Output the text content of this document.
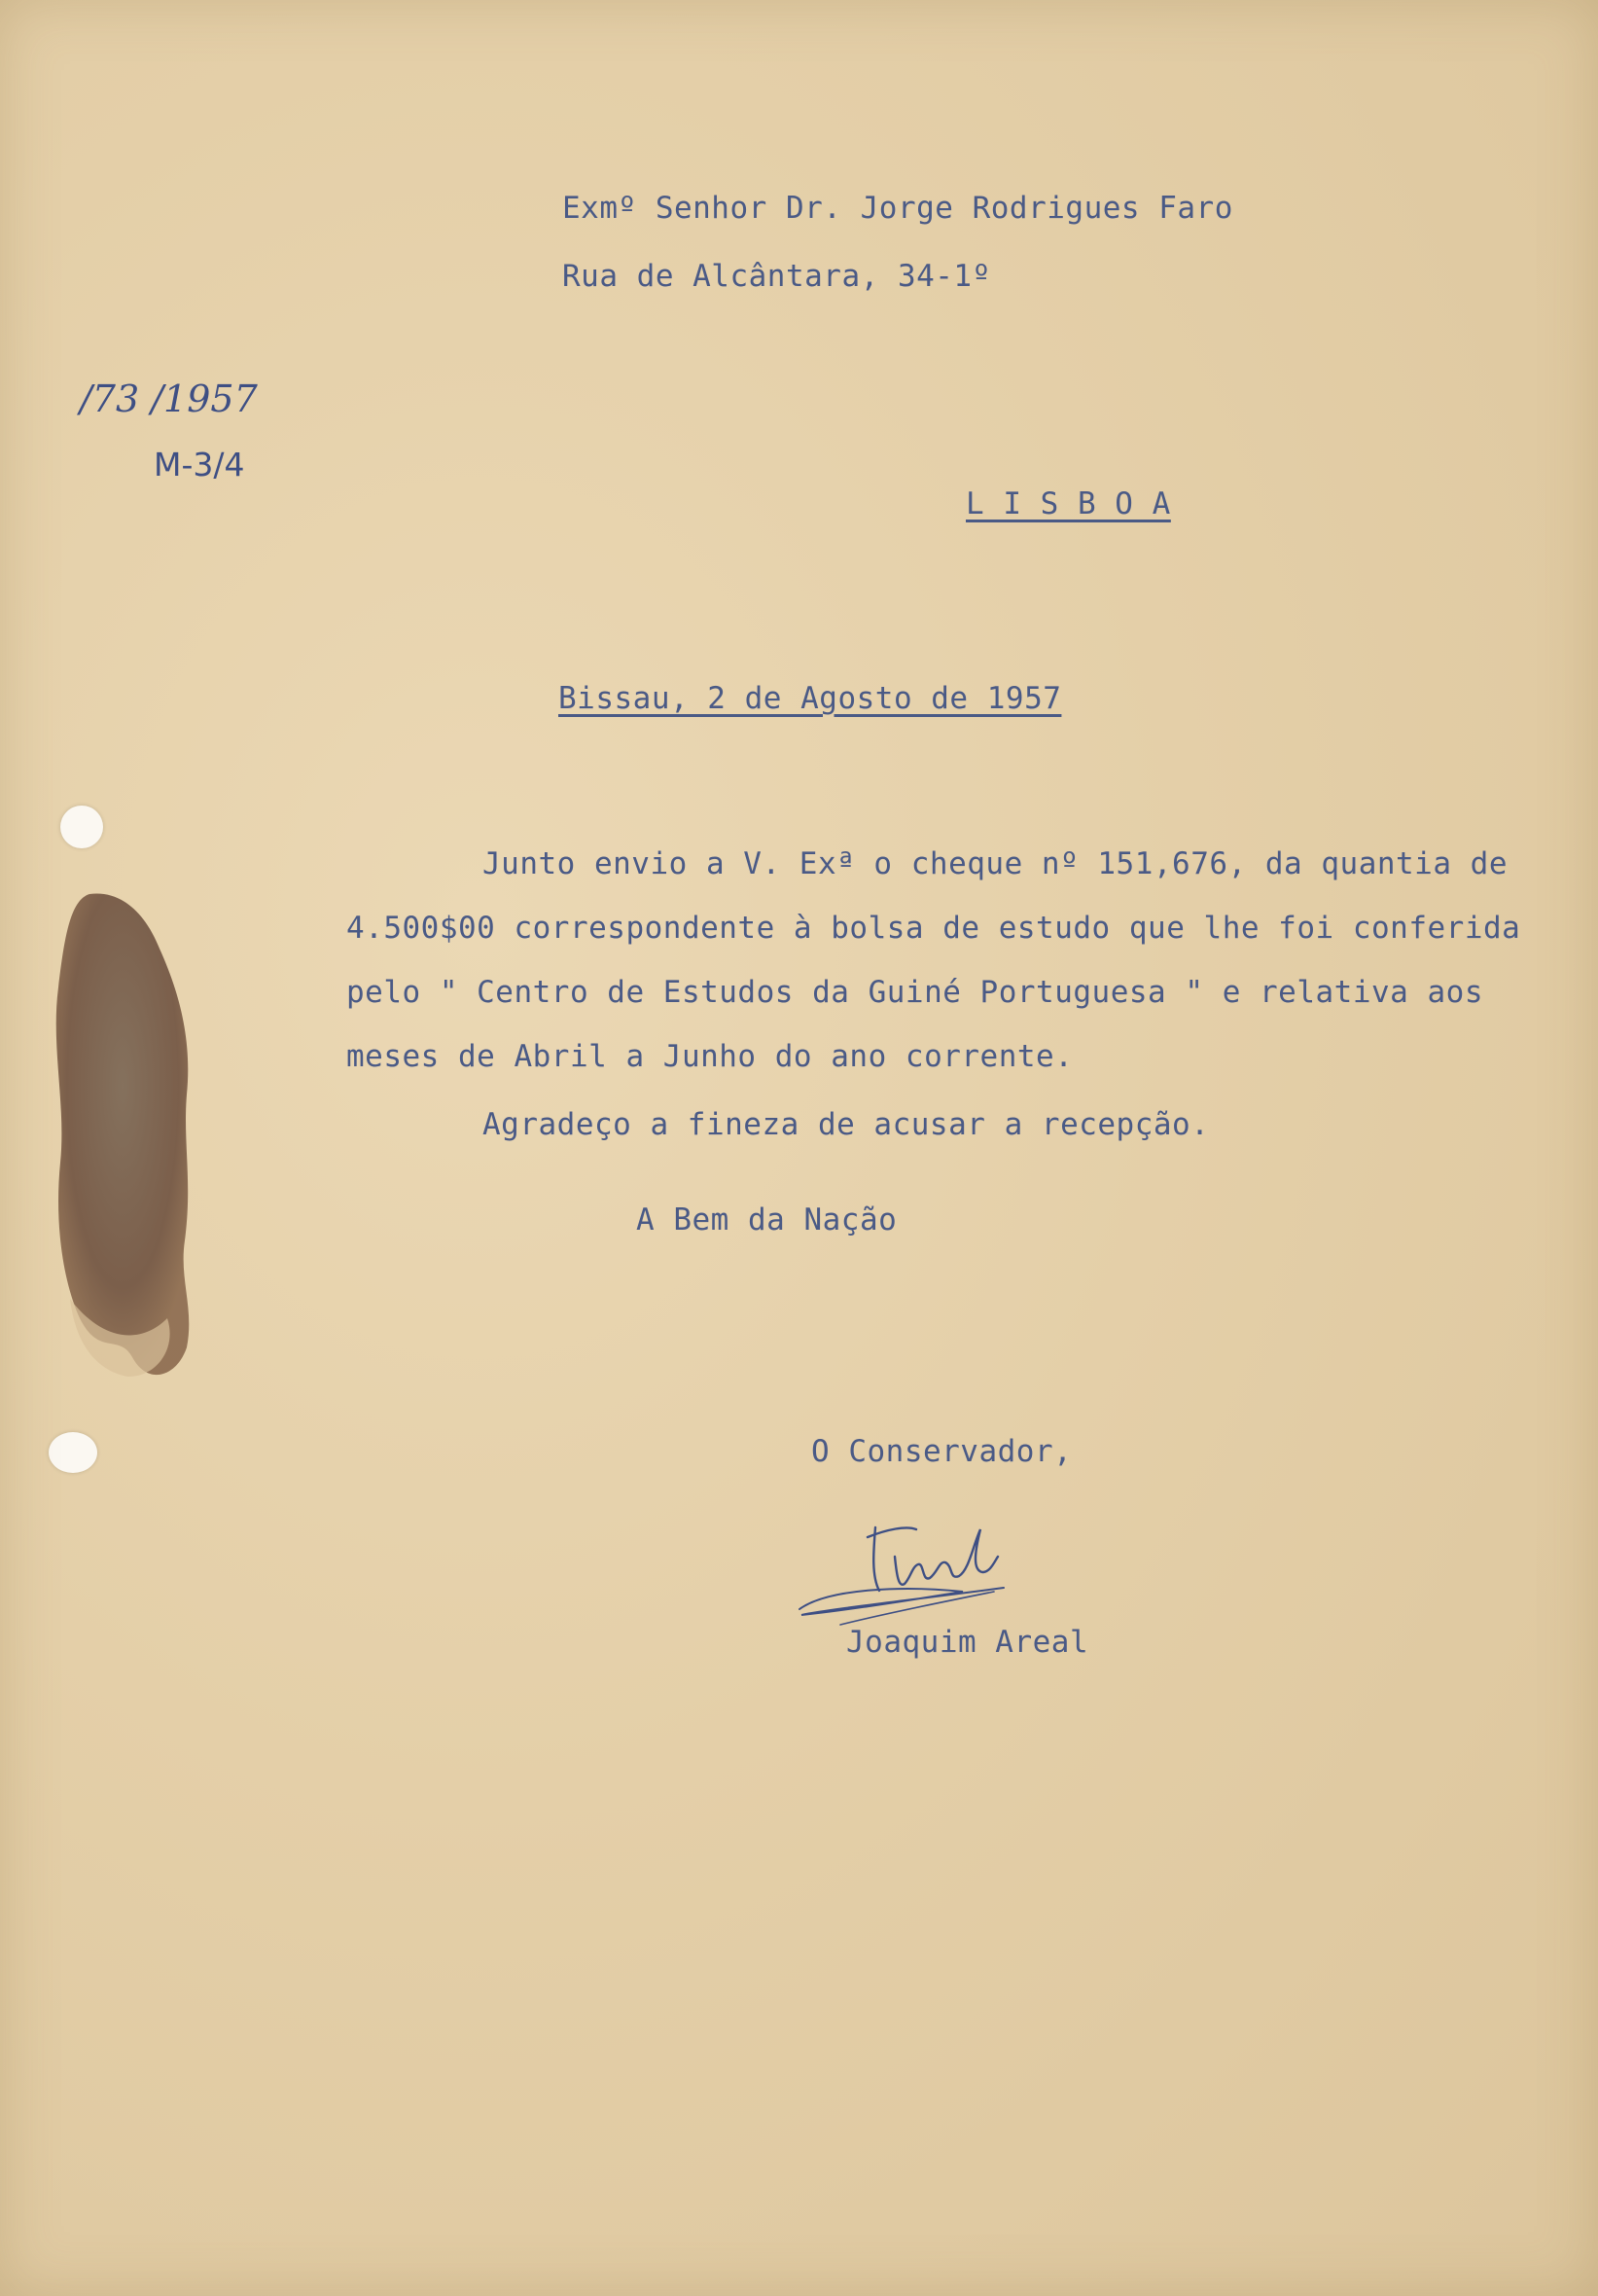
Exmº Senhor Dr. Jorge Rodrigues Faro
Rua de Alcântara, 34-1º
/73 /1957
M-3/4
L I S B O A
Bissau, 2 de Agosto de 1957
Junto envio a V. Exª o cheque nº 151,676, da quantia de
4.500$00 correspondente à bolsa de estudo que lhe foi conferida
pelo " Centro de Estudos da Guiné Portuguesa " e relativa aos
meses de Abril a Junho do ano corrente.
Agradeço a fineza de acusar a recepção.
A Bem da Nação
O Conservador,
Joaquim Areal
